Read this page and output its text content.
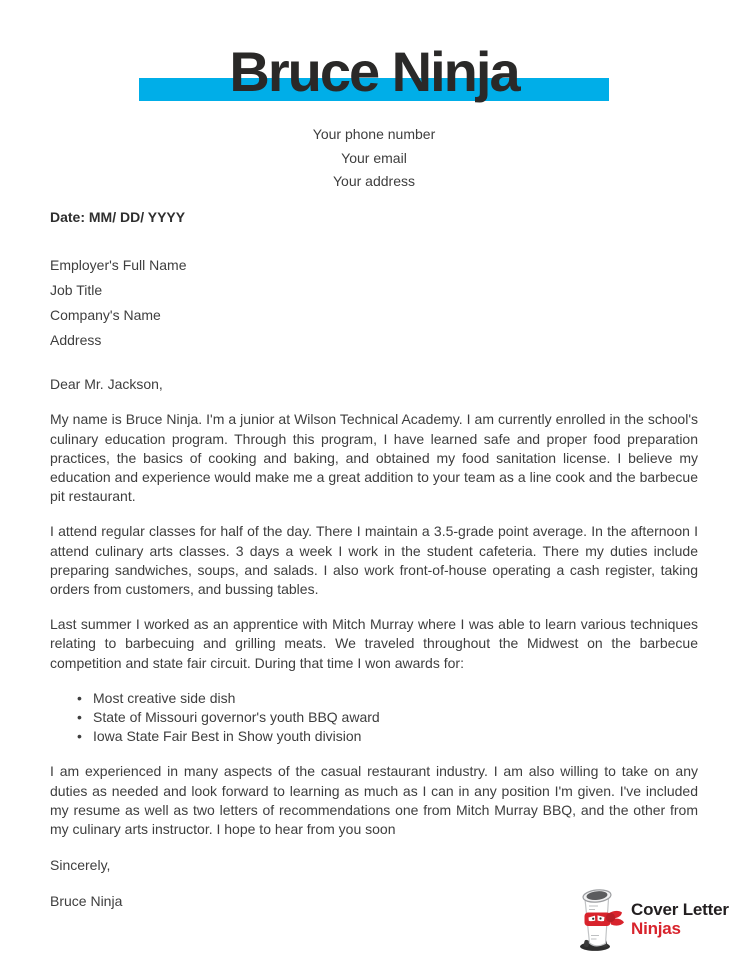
Bruce Ninja

Your phone number

Your email

Your address

Date: MM/ DD/ YYYY

Employer's Full Name

Job Title

Company's Name

Address

Dear Mr. Jackson,

My name is Bruce Ninja. I'm a junior at Wilson Technical Academy. I am currently enrolled in the school's culinary education program. Through this program, I have learned safe and proper food preparation practices, the basics of cooking and baking, and obtained my food sanitation license. I believe my education and experience would make me a great addition to your team as a line cook and the barbecue pit restaurant.

I attend regular classes for half of the day. There I maintain a 3.5-grade point average. In the afternoon I attend culinary arts classes. 3 days a week I work in the student cafeteria. There my duties include preparing sandwiches, soups, and salads. I also work front-of-house operating a cash register, taking orders from customers, and bussing tables.

Last summer I worked as an apprentice with Mitch Murray where I was able to learn various techniques relating to barbecuing and grilling meats. We traveled throughout the Midwest on the barbecue competition and state fair circuit. During that time I won awards for:

• Most creative side dish
• State of Missouri governor's youth BBQ award
• Iowa State Fair Best in Show youth division

I am experienced in many aspects of the casual restaurant industry. I am also willing to take on any duties as needed and look forward to learning as much as I can in any position I'm given. I've included my resume as well as two letters of recommendations one from Mitch Murray BBQ, and the other from my culinary arts instructor. I hope to hear from you soon

Sincerely,

Bruce Ninja	Cover Letter
Ninjas
